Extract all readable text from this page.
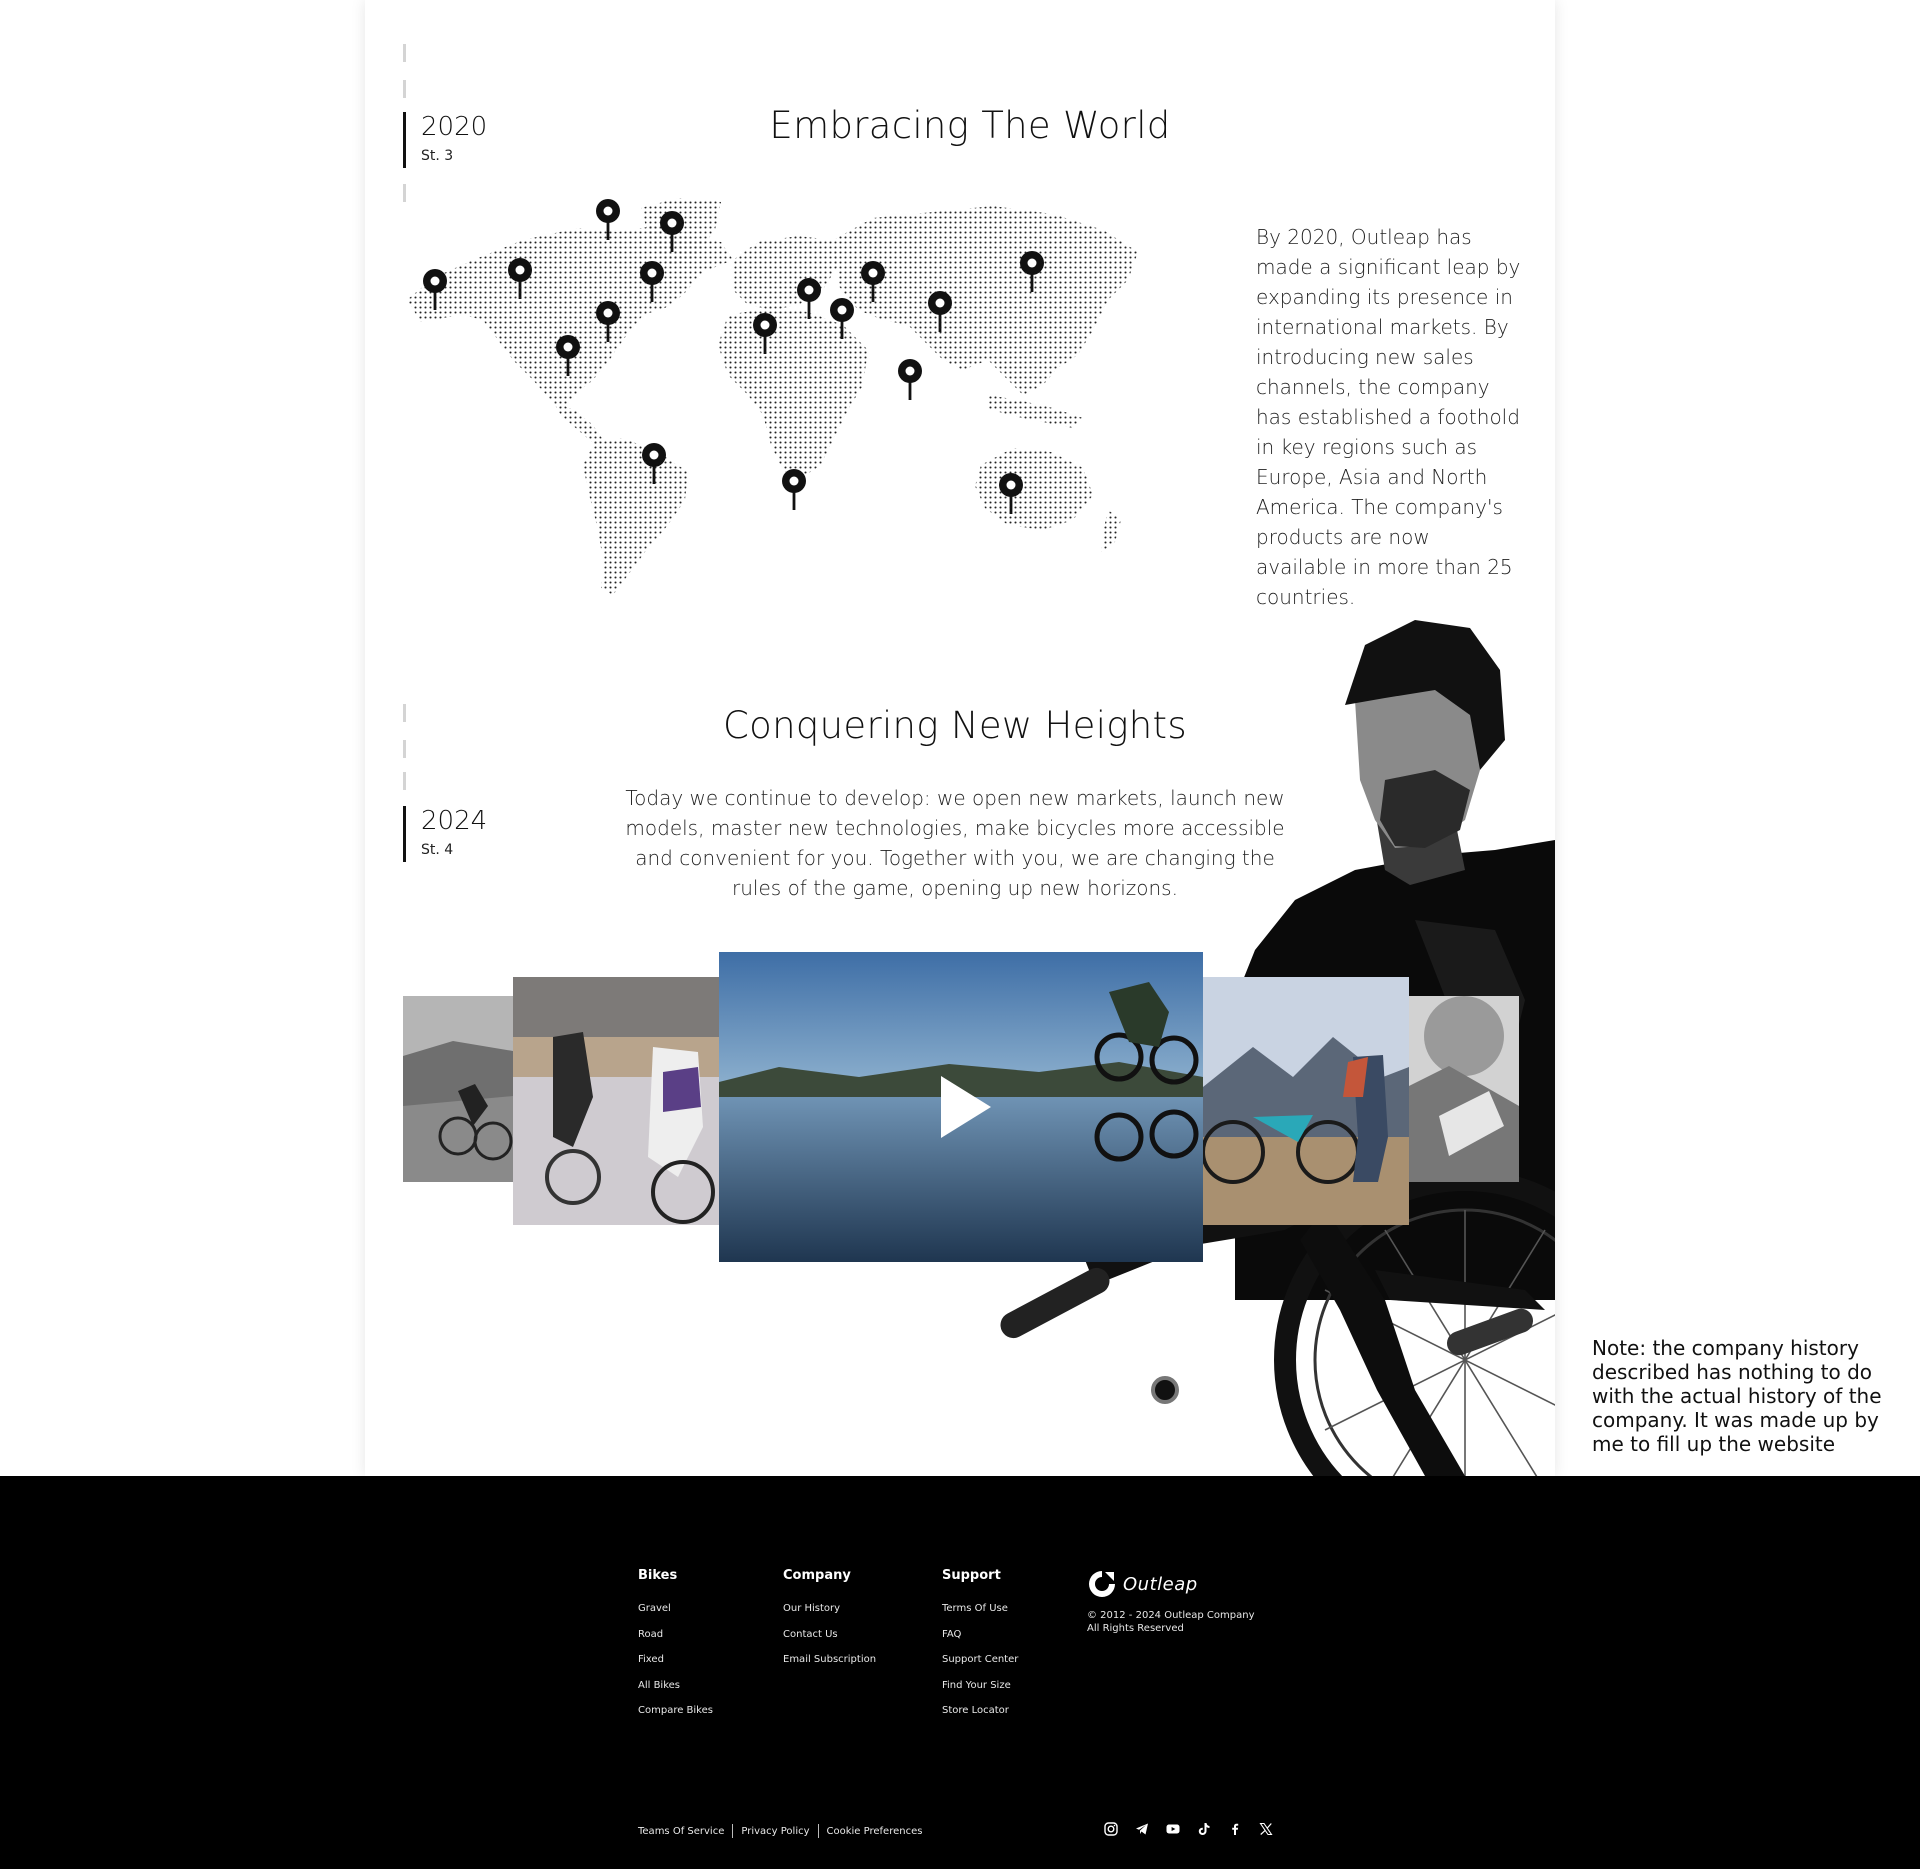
2020
St. 3
Embracing The World
By 2020, Outleap has made a significant leap by expanding its presence in international markets. By introducing new sales channels, the company has established a foothold in key regions such as Europe, Asia and North America. The company's products are now available in more than 25 countries.
2024
St. 4
Conquering New Heights
Today we continue to develop: we open new markets, launch new models, master new technologies, make bicycles more accessible and convenient for you. Together with you, we are changing the rules of the game, opening up new horizons.
Note: the company history described has nothing to do with the actual history of the company. It was made up by me to fill up the website
Bikes
Gravel
Road
Fixed
All Bikes
Compare Bikes
Company
Our History
Contact Us
Email Subscription
Support
Terms Of Use
FAQ
Support Center
Find Your Size
Store Locator
Outleap
© 2012 - 2024 Outleap Company All Rights Reserved
Teams Of Service Privacy Policy Cookie Preferences
